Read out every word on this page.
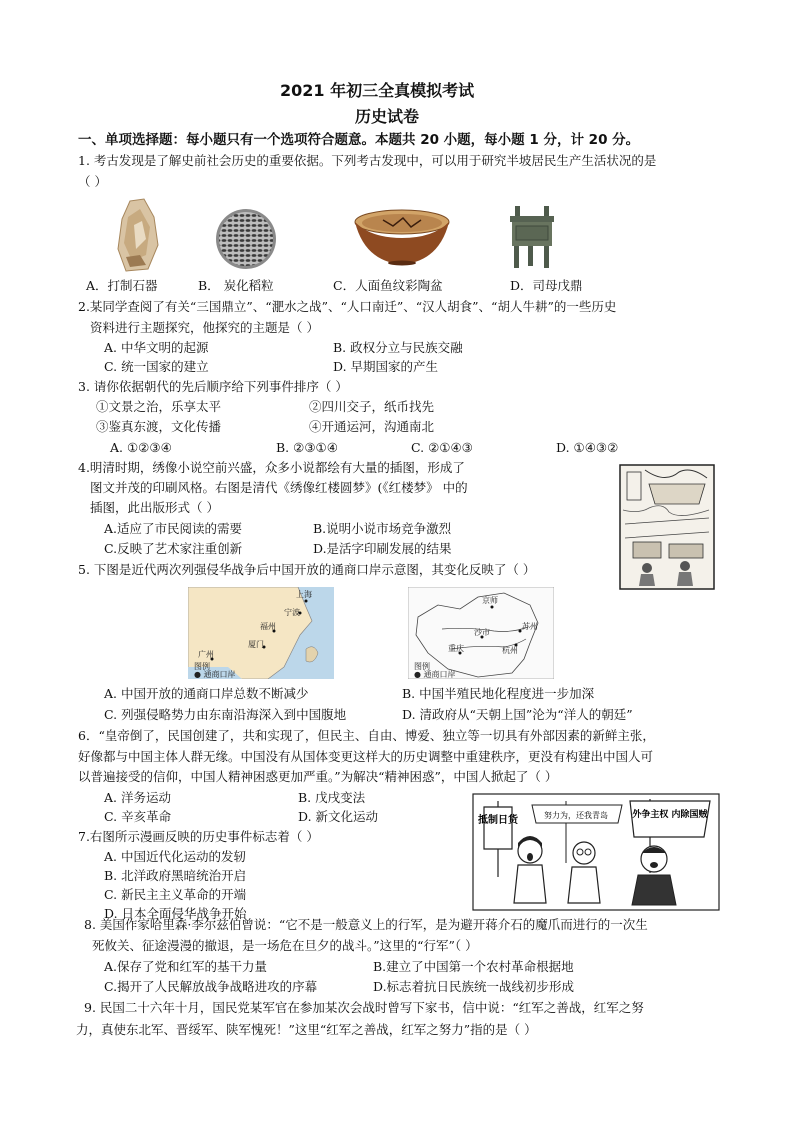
2021 年初三全真模拟考试
历史试卷
一、单项选择题：每小题只有一个选项符合题意。本题共 20 小题，每小题 1 分，计 20 分。
1. 考古发现是了解史前社会历史的重要依据。下列考古发现中，可以用于研究半坡居民生产生活状况的是
（ ）
A．打制石器	B． 炭化稻粒	C．人面鱼纹彩陶盆	D．司母戊鼎
2.某同学查阅了有关“三国鼎立”、“淝水之战”、“人口南迁”、“汉人胡食”、“胡人牛耕”的一些历史
资料进行主题探究，他探究的主题是（ ）
A. 中华文明的起源	B. 政权分立与民族交融
C. 统一国家的建立	D. 早期国家的产生
3. 请你依据朝代的先后顺序给下列事件排序（ ）
①文景之治，乐享太平	②四川交子，纸币找先
③鉴真东渡，文化传播	④开通运河，沟通南北
A. ①②③④	B. ②③①④	C. ②①④③	D. ①④③②
4.明清时期，绣像小说空前兴盛，众多小说都绘有大量的插图，形成了
图文并茂的印刷风格。右图是清代《绣像红楼圆梦》(《红楼梦》 中的
插图，此出版形式（ ）
A.适应了市民阅读的需要	B.说明小说市场竞争激烈
C.反映了艺术家注重创新	D.是活字印刷发展的结果
5. 下图是近代两次列强侵华战争后中国开放的通商口岸示意图，其变化反映了（ ）
上海
宁波
福州
厦门
广州
图例
● 通商口岸
京师
沙市
苏州
重庆	杭州
图例
● 通商口岸
A. 中国开放的通商口岸总数不断减少	B. 中国半殖民地化程度进一步加深
C. 列强侵略势力由东南沿海深入到中国腹地	D. 清政府从“天朝上国”沦为“洋人的朝廷”
6．“皇帝倒了，民国创建了，共和实现了，但民主、自由、博爱、独立等一切具有外部因素的新鲜主张，
好像都与中国主体人群无缘。中国没有从国体变更这样大的历史调整中重建秩序，更没有构建出中国人可
以普遍接受的信仰，中国人精神困惑更加严重。”为解决“精神困惑”，中国人掀起了（ ）
A. 洋务运动	B. 戊戌变法
C. 辛亥革命	D. 新文化运动
7.右图所示漫画反映的历史事件标志着（ ）
A. 中国近代化运动的发轫
B. 北洋政府黑暗统治开启
C. 新民主主义革命的开端
D. 日本全面侵华战争开始
抵制日货	努力为，还我青岛	外争主权 内除国贼
8. 美国作家哈里森·李尔兹伯曾说：“它不是一般意义上的行军，是为避开蒋介石的魔爪而进行的一次生
死攸关、征途漫漫的撤退，是一场危在旦夕的战斗。”这里的“行军”（ ）
A.保存了党和红军的基干力量	B.建立了中国第一个农村革命根据地
C.揭开了人民解放战争战略进攻的序幕	D.标志着抗日民族统一战线初步形成
9. 民国二十六年十月，国民党某军官在参加某次会战时曾写下家书，信中说：“红军之善战，红军之努
力，真使东北军、晋绥军、陕军愧死！”这里“红军之善战，红军之努力”指的是（ ）
